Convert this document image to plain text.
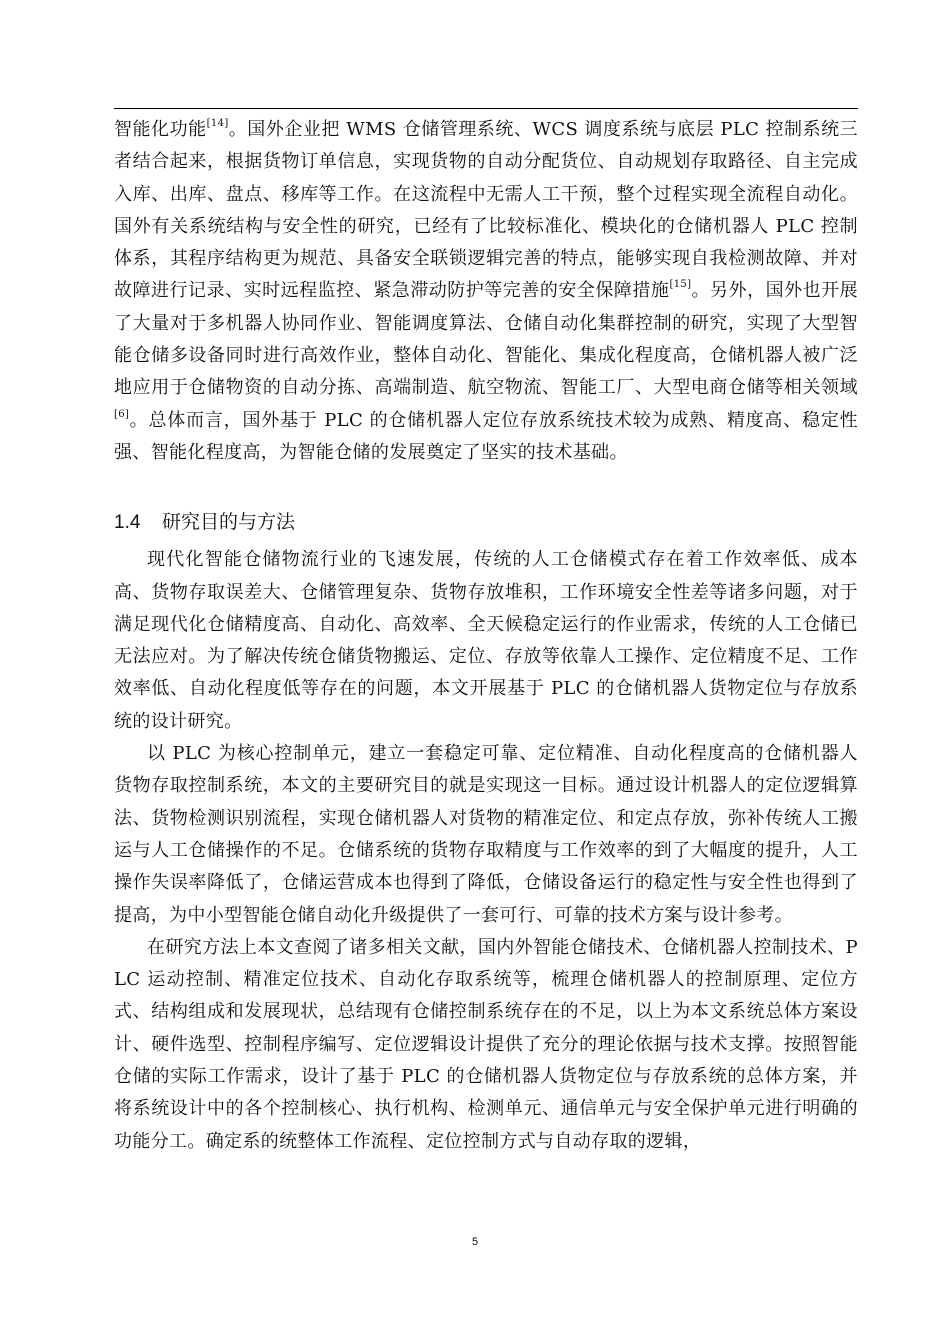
智能化功能[14]。国外企业把 WMS 仓储管理系统、WCS 调度系统与底层 PLC 控制系统三者结合起来，根据货物订单信息，实现货物的自动分配货位、自动规划存取路径、自主完成入库、出库、盘点、移库等工作。在这流程中无需人工干预，整个过程实现全流程自动化。国外有关系统结构与安全性的研究，已经有了比较标准化、模块化的仓储机器人 PLC 控制体系，其程序结构更为规范、具备安全联锁逻辑完善的特点，能够实现自我检测故障、并对故障进行记录、实时远程监控、紧急滞动防护等完善的安全保障措施[15]。另外，国外也开展了大量对于多机器人协同作业、智能调度算法、仓储自动化集群控制的研究，实现了大型智能仓储多设备同时进行高效作业，整体自动化、智能化、集成化程度高，仓储机器人被广泛地应用于仓储物资的自动分拣、高端制造、航空物流、智能工厂、大型电商仓储等相关领域[6]。总体而言，国外基于 PLC 的仓储机器人定位存放系统技术较为成熟、精度高、稳定性强、智能化程度高，为智能仓储的发展奠定了坚实的技术基础。

1.4 研究目的与方法

现代化智能仓储物流行业的飞速发展，传统的人工仓储模式存在着工作效率低、成本高、货物存取误差大、仓储管理复杂、货物存放堆积，工作环境安全性差等诸多问题，对于满足现代化仓储精度高、自动化、高效率、全天候稳定运行的作业需求，传统的人工仓储已无法应对。为了解决传统仓储货物搬运、定位、存放等依靠人工操作、定位精度不足、工作效率低、自动化程度低等存在的问题，本文开展基于 PLC 的仓储机器人货物定位与存放系统的设计研究。

以 PLC 为核心控制单元，建立一套稳定可靠、定位精准、自动化程度高的仓储机器人货物存取控制系统，本文的主要研究目的就是实现这一目标。通过设计机器人的定位逻辑算法、货物检测识别流程，实现仓储机器人对货物的精准定位、和定点存放，弥补传统人工搬运与人工仓储操作的不足。仓储系统的货物存取精度与工作效率的到了大幅度的提升，人工操作失误率降低了，仓储运营成本也得到了降低，仓储设备运行的稳定性与安全性也得到了提高，为中小型智能仓储自动化升级提供了一套可行、可靠的技术方案与设计参考。

在研究方法上本文查阅了诸多相关文献，国内外智能仓储技术、仓储机器人控制技术、PLC 运动控制、精准定位技术、自动化存取系统等，梳理仓储机器人的控制原理、定位方式、结构组成和发展现状，总结现有仓储控制系统存在的不足，以上为本文系统总体方案设计、硬件选型、控制程序编写、定位逻辑设计提供了充分的理论依据与技术支撑。按照智能仓储的实际工作需求，设计了基于 PLC 的仓储机器人货物定位与存放系统的总体方案，并将系统设计中的各个控制核心、执行机构、检测单元、通信单元与安全保护单元进行明确的功能分工。确定系的统整体工作流程、定位控制方式与自动存取的逻辑，

5
